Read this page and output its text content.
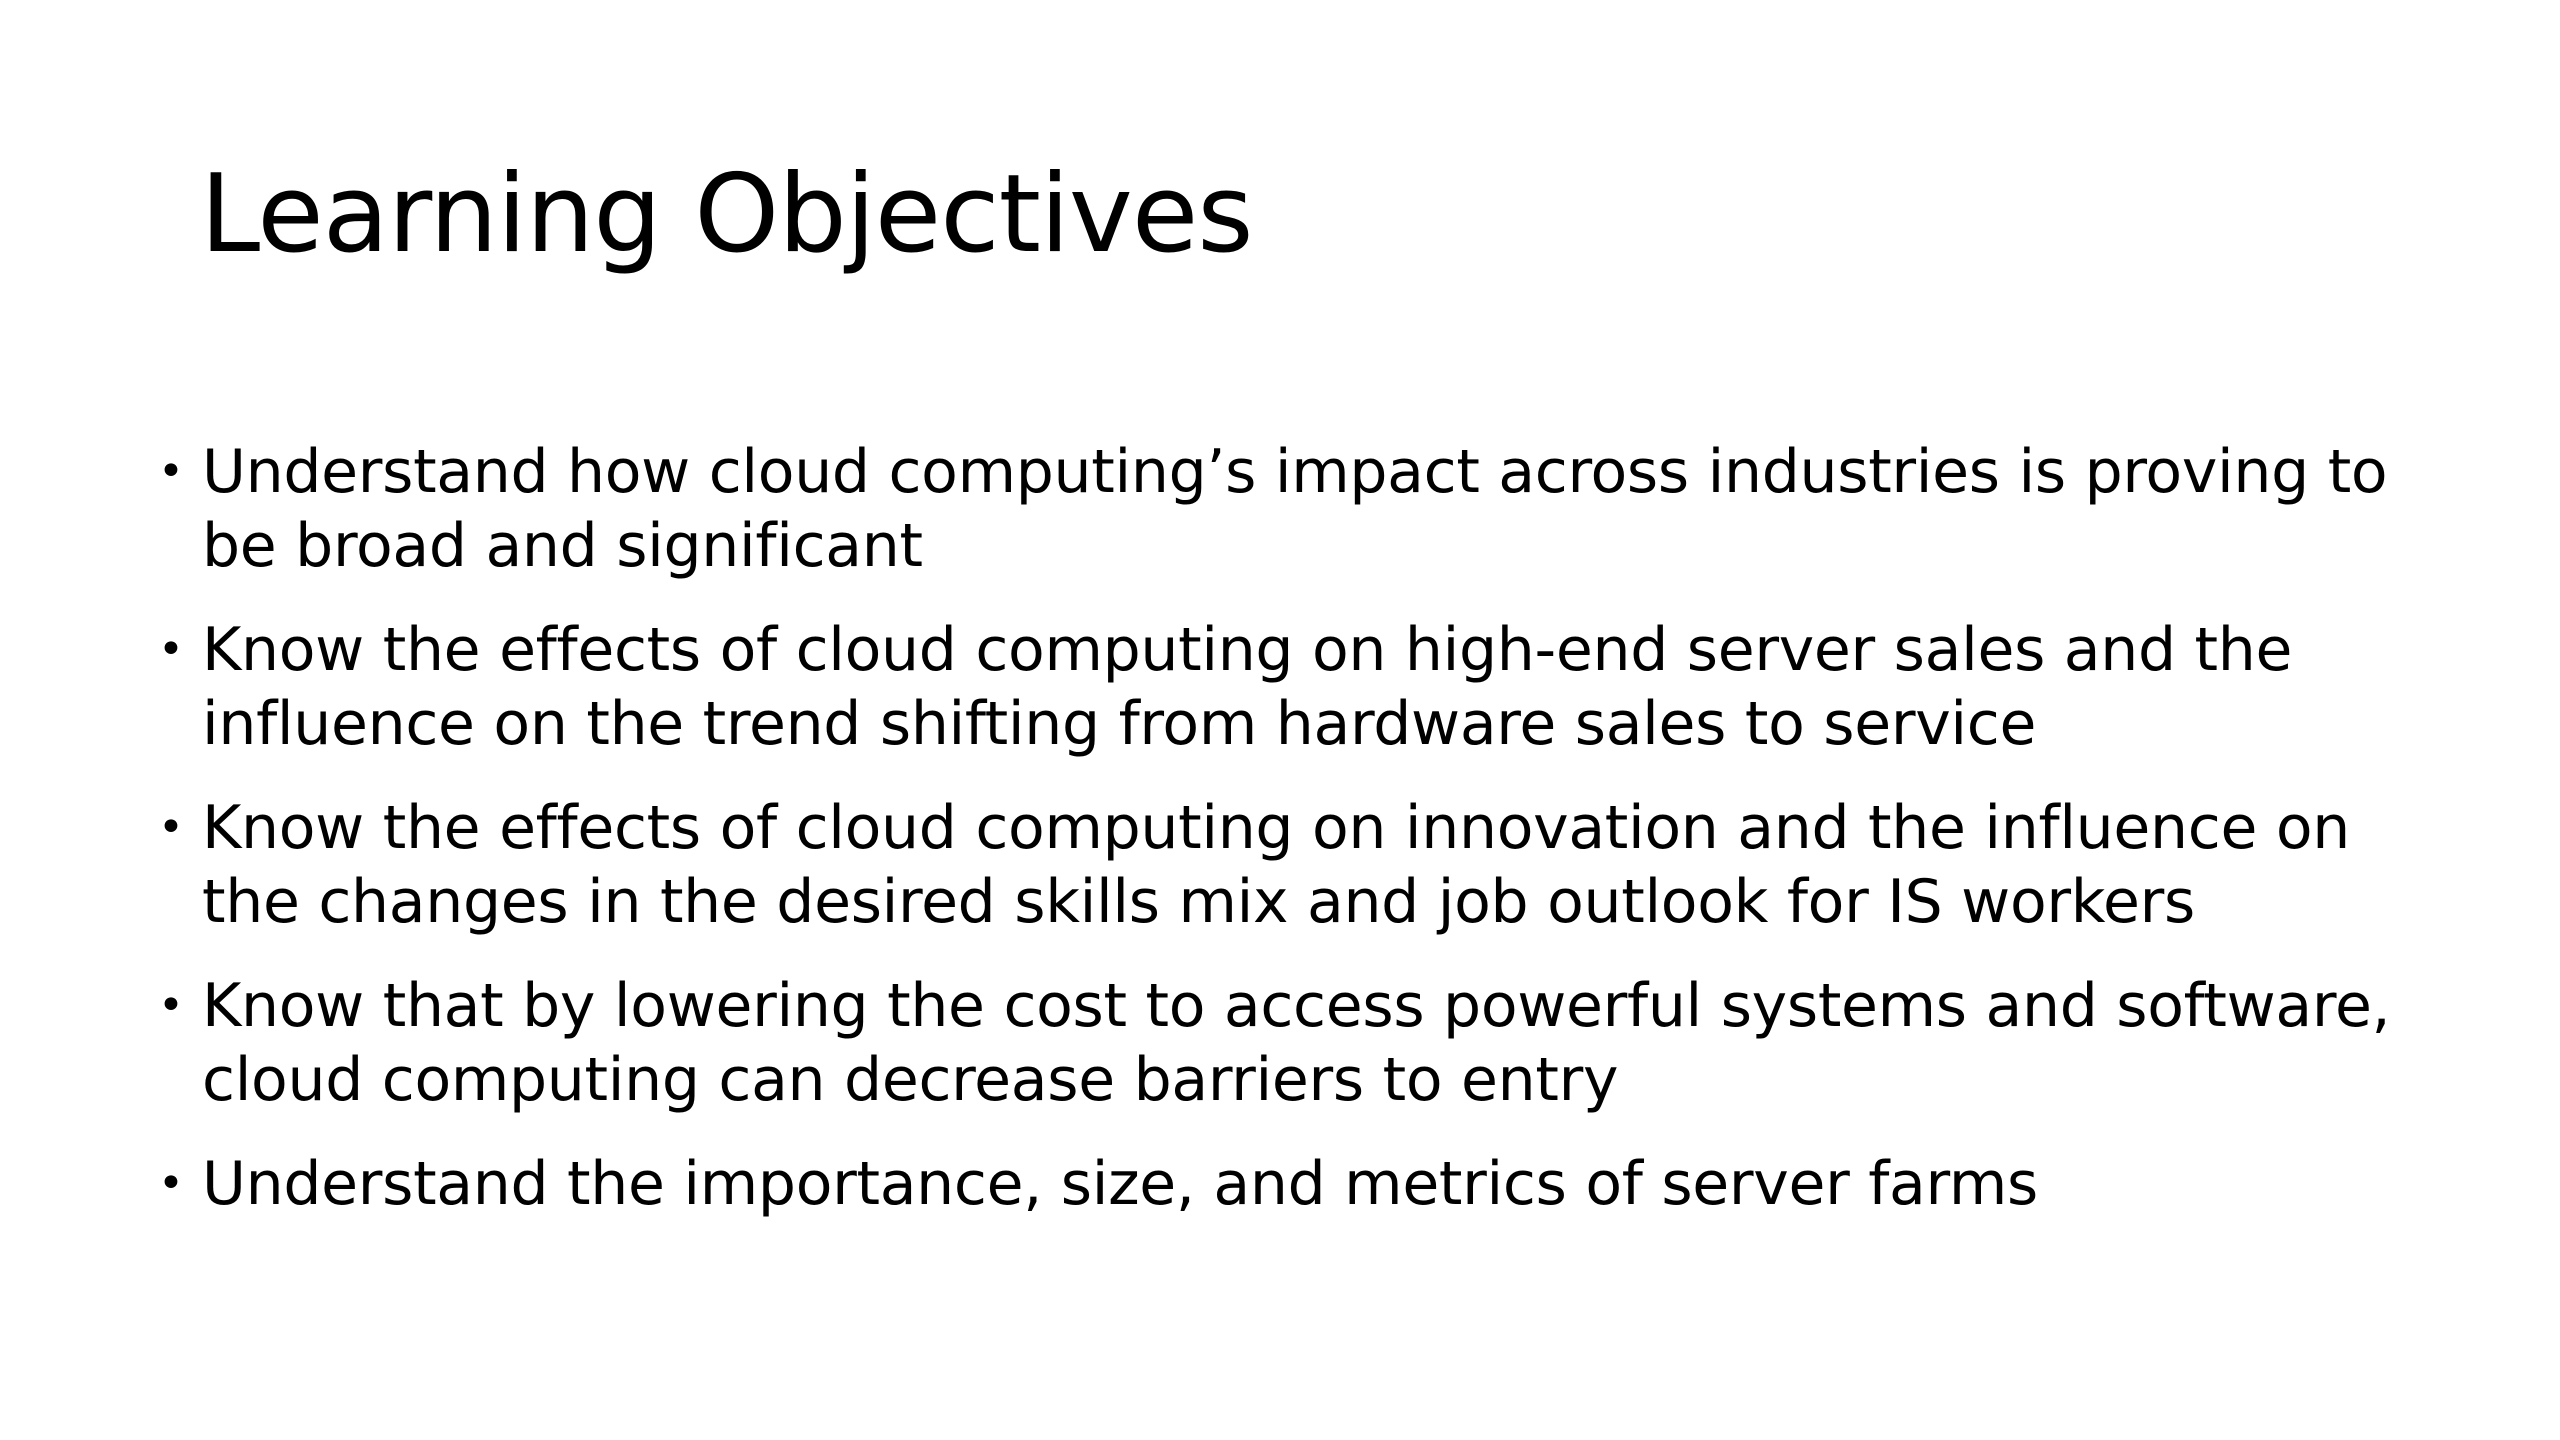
Learning Objectives
• Understand how cloud computing’s impact across industries is proving to be broad and significant
• Know the effects of cloud computing on high-end server sales and the influence on the trend shifting from hardware sales to service
• Know the effects of cloud computing on innovation and the influence on the changes in the desired skills mix and job outlook for IS workers
• Know that by lowering the cost to access powerful systems and software, cloud computing can decrease barriers to entry
• Understand the importance, size, and metrics of server farms
